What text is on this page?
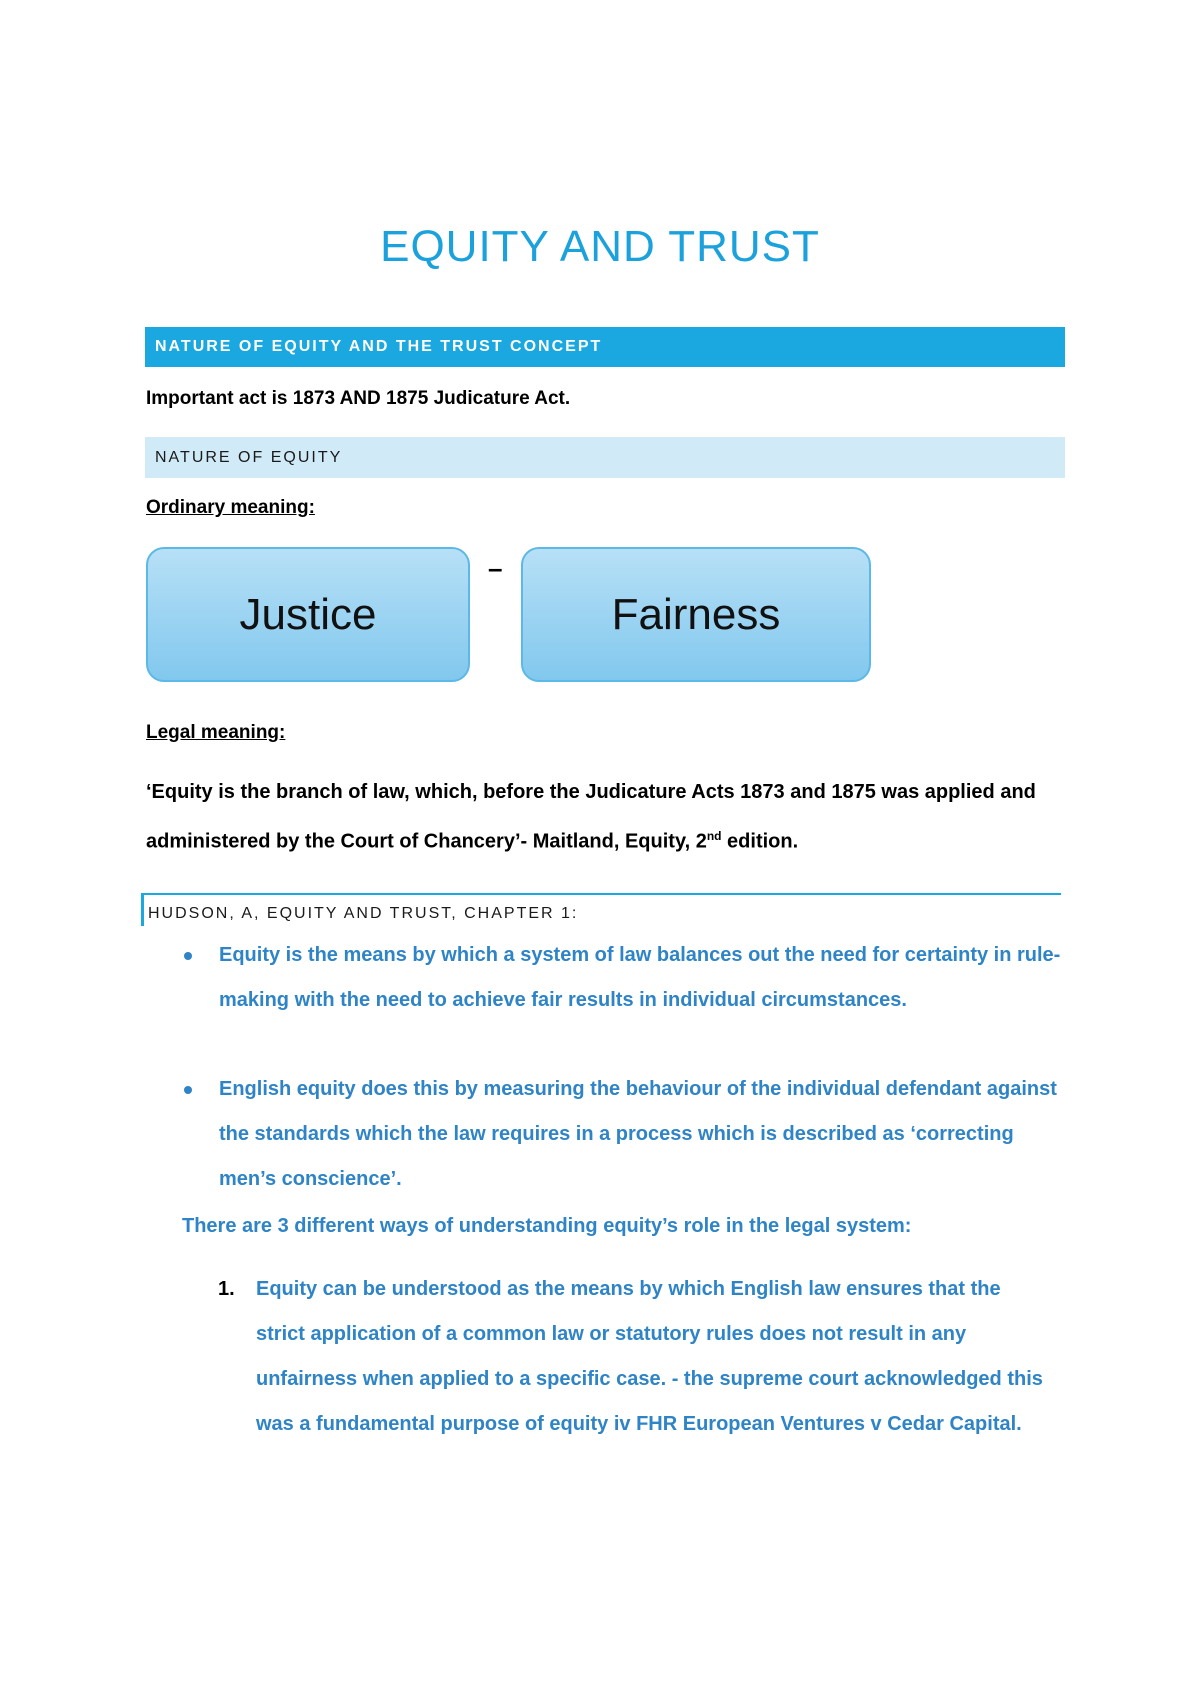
EQUITY AND TRUST
NATURE OF EQUITY AND THE TRUST CONCEPT
Important act is 1873 AND 1875 Judicature Act.
NATURE OF EQUITY
Ordinary meaning:
Justice
–
Fairness
Legal meaning:
‘Equity is the branch of law, which, before the Judicature Acts 1873 and 1875 was applied and administered by the Court of Chancery’- Maitland, Equity, 2nd edition.
HUDSON, A, EQUITY AND TRUST, CHAPTER 1:
Equity is the means by which a system of law balances out the need for certainty in rule-making with the need to achieve fair results in individual circumstances.
English equity does this by measuring the behaviour of the individual defendant against the standards which the law requires in a process which is described as ‘correcting men’s conscience’.
There are 3 different ways of understanding equity’s role in the legal system:
1.	Equity can be understood as the means by which English law ensures that the strict application of a common law or statutory rules does not result in any unfairness when applied to a specific case. - the supreme court acknowledged this was a fundamental purpose of equity iv FHR European Ventures v Cedar Capital.
